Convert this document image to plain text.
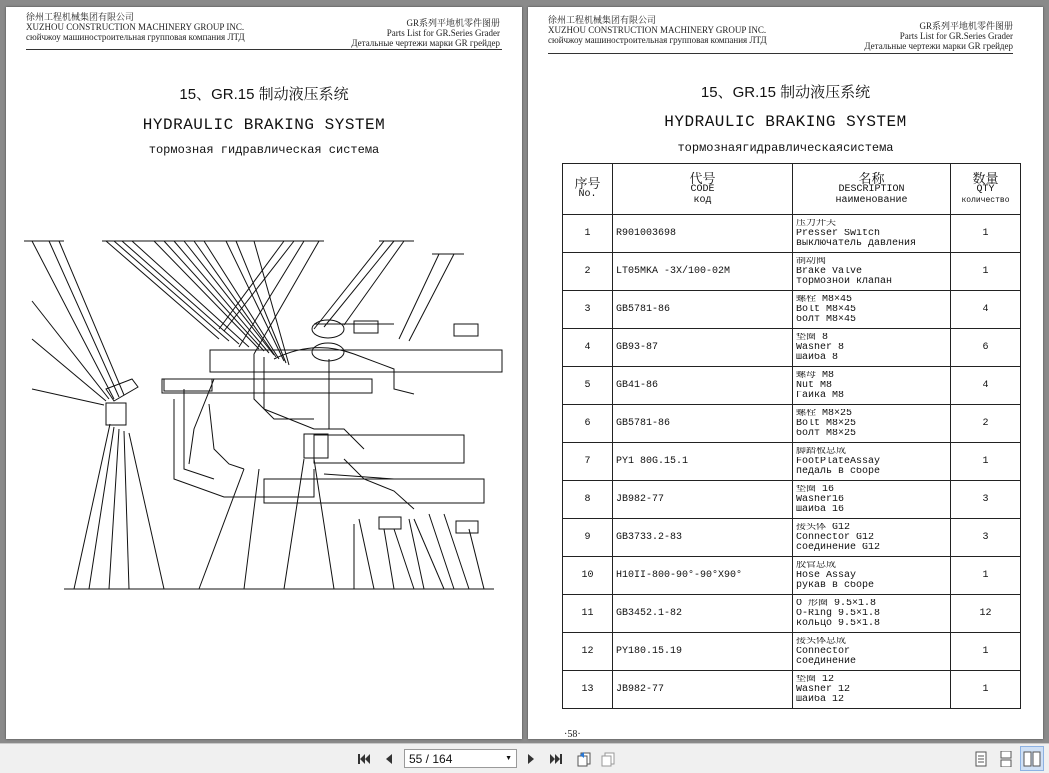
徐州工程机械集团有限公司
XUZHOU CONSTRUCTION MACHINERY GROUP INC.
сюйчжоу машиностроительная групповая компания ЛТД
GR系列平地机零件图册
Parts List for GR.Series Grader
Детальные чертежи марки GR грейдер
15、GR.15 制动液压系统
HYDRAULIC BRAKING SYSTEM
тормозная гидравлическая система
徐州工程机械集团有限公司
XUZHOU CONSTRUCTION MACHINERY GROUP INC.
сюйчжоу машиностроительная групповая компания ЛТД
GR系列平地机零件图册
Parts List for GR.Series Grader
Детальные чертежи марки GR грейдер
15、GR.15 制动液压系统
HYDRAULIC BRAKING SYSTEM
тормознаягидравлическаясистема
序号
No.	代号
CODE
код	名称
DESCRIPTION
наименование	数量
QTY
количество

1	R901003698	压力开关
Presser Switch
выключатель давления	1
2	LT05MKA -3X/100-02M	制动阀
Brake Valve
тормозной клапан	1
3	GB5781-86	螺栓 M8×45
Bolt M8×45
болт M8×45	4
4	GB93-87	垫圈 8
Washer 8
шайба 8	6
5	GB41-86	螺母 M8
Nut M8
Гайка M8	4
6	GB5781-86	螺栓 M8×25
Bolt M8×25
болт M8×25	2
7	PY1 80G.15.1	脚踏板总成
FootPlateAssay
педаль в сборе	1
8	JB982-77	垫圈 16
Washer16
шайба 16	3
9	GB3733.2-83	接头体 G12
Connector G12
соединение G12	3
10	H10II-800-90°-90°X90°	胶管总成
Hose Assay
рукав в сборе	1
11	GB3452.1-82	O 形圈 9.5×1.8
O-Ring 9.5×1.8
кольцо 9.5×1.8	12
12	PY180.15.19	接头体总成
Connector
соединение	1
13	JB982-77	垫圈 12
Washer 12
шайба 12	1
·58·
55 / 164	▼
